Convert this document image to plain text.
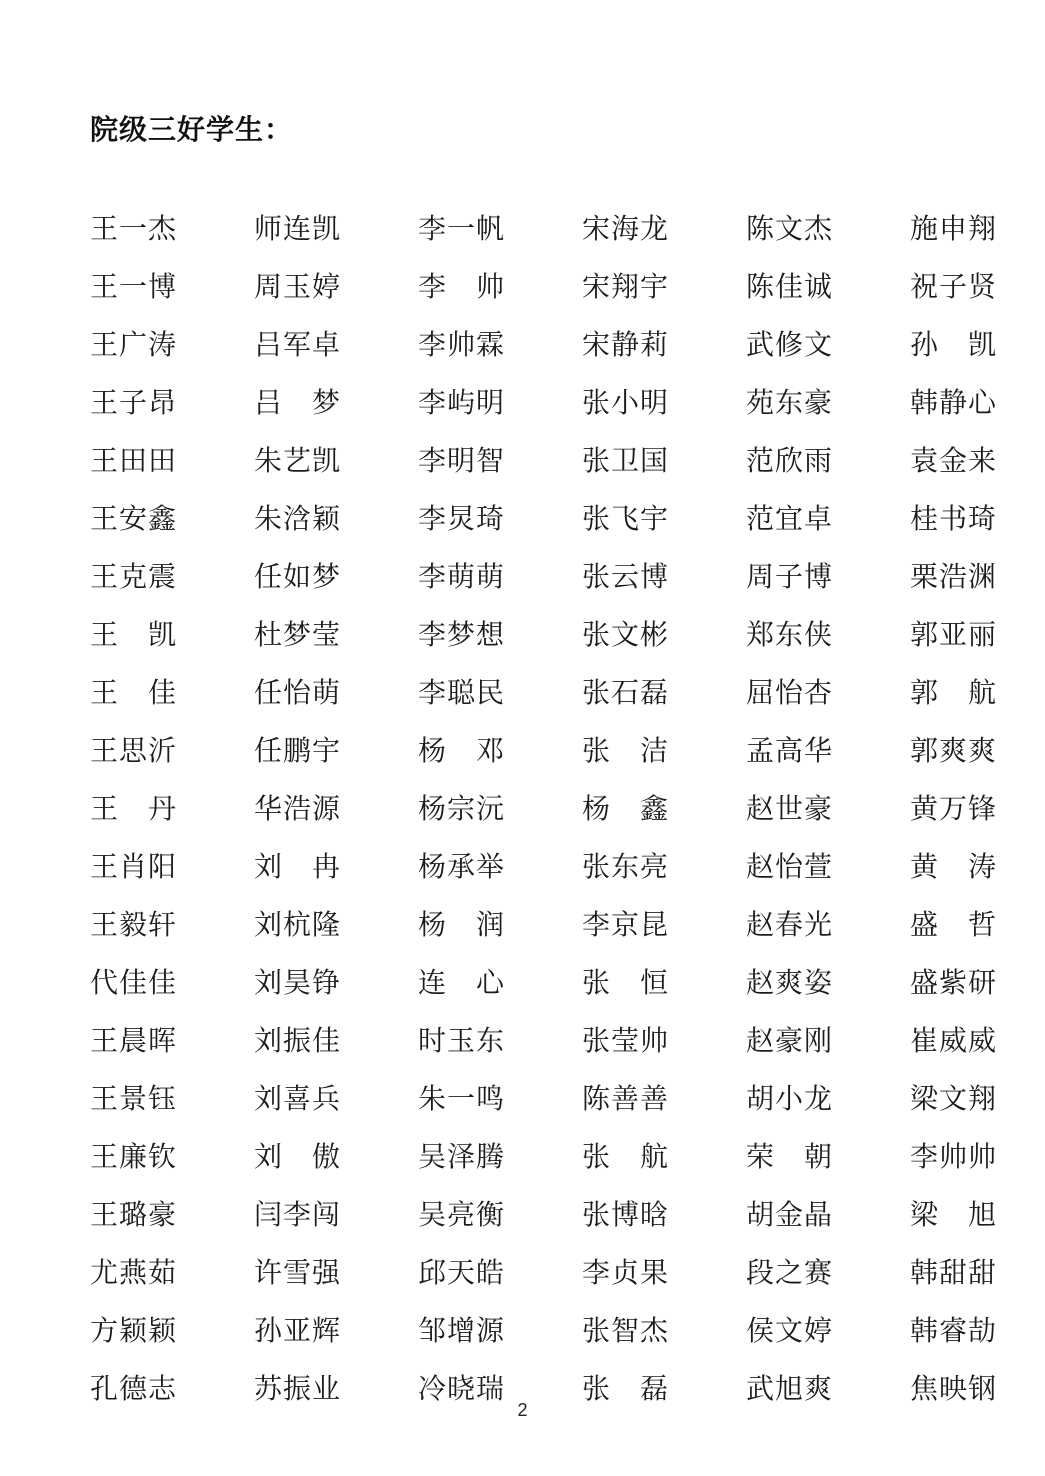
院级三好学生：
王一杰	师连凯	李一帆	宋海龙	陈文杰	施申翔
王一博	周玉婷	李　帅	宋翔宇	陈佳诚	祝子贤
王广涛	吕军卓	李帅霖	宋静莉	武修文	孙　凯
王子昂	吕　梦	李屿明	张小明	苑东豪	韩静心
王田田	朱艺凯	李明智	张卫国	范欣雨	袁金来
王安鑫	朱浛颖	李炅琦	张飞宇	范宜卓	桂书琦
王克震	任如梦	李萌萌	张云博	周子博	栗浩渊
王　凯	杜梦莹	李梦想	张文彬	郑东侠	郭亚丽
王　佳	任怡萌	李聪民	张石磊	屈怡杏	郭　航
王思沂	任鹏宇	杨　邓	张　洁	孟高华	郭爽爽
王　丹	华浩源	杨宗沅	杨　鑫	赵世豪	黄万锋
王肖阳	刘　冉	杨承举	张东亮	赵怡萱	黄　涛
王毅轩	刘杭隆	杨　润	李京昆	赵春光	盛　哲
代佳佳	刘昊铮	连　心	张　恒	赵爽姿	盛紫研
王晨晖	刘振佳	时玉东	张莹帅	赵豪刚	崔威威
王景钰	刘喜兵	朱一鸣	陈善善	胡小龙	梁文翔
王廉钦	刘　傲	吴泽腾	张　航	荣　朝	李帅帅
王璐豪	闫李闯	吴亮衡	张博晗	胡金晶	梁　旭
尤燕茹	许雪强	邱天皓	李贞果	段之赛	韩甜甜
方颖颖	孙亚辉	邹增源	张智杰	侯文婷	韩睿劼
孔德志	苏振业	冷晓瑞	张　磊	武旭爽	焦映钢
2
